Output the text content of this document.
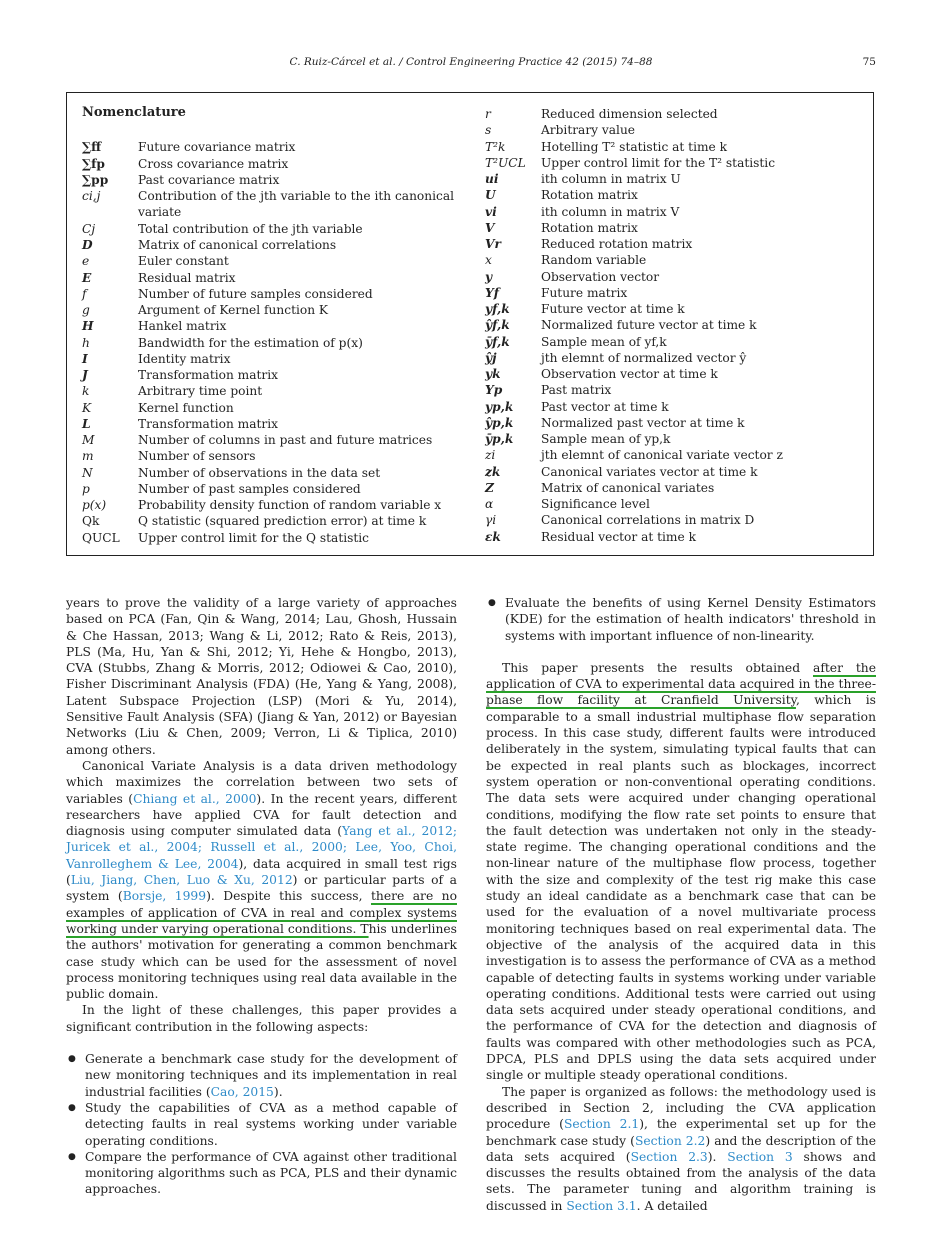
C. Ruiz-Cárcel et al. / Control Engineering Practice 42 (2015) 74–88	75
Nomenclature
∑ff	Future covariance matrix
∑fp	Cross covariance matrix
∑pp	Past covariance matrix
ci,j	Contribution of the jth variable to the ith canonical variate
Cj	Total contribution of the jth variable
D	Matrix of canonical correlations
e	Euler constant
E	Residual matrix
f	Number of future samples considered
g	Argument of Kernel function K
H	Hankel matrix
h	Bandwidth for the estimation of p(x)
I	Identity matrix
J	Transformation matrix
k	Arbitrary time point
K	Kernel function
L	Transformation matrix
M	Number of columns in past and future matrices
m	Number of sensors
N	Number of observations in the data set
p	Number of past samples considered
p(x)	Probability density function of random variable x
Qk	Q statistic (squared prediction error) at time k
QUCL	Upper control limit for the Q statistic
r	Reduced dimension selected
s	Arbitrary value
T²k	Hotelling T² statistic at time k
T²UCL	Upper control limit for the T² statistic
ui	ith column in matrix U
U	Rotation matrix
vi	ith column in matrix V
V	Rotation matrix
Vr	Reduced rotation matrix
x	Random variable
y	Observation vector
Yf	Future matrix
yf,k	Future vector at time k
ŷf,k	Normalized future vector at time k
ȳf,k	Sample mean of yf,k
ŷj	jth elemnt of normalized vector ŷ
yk	Observation vector at time k
Yp	Past matrix
yp,k	Past vector at time k
ŷp,k	Normalized past vector at time k
ȳp,k	Sample mean of yp,k
zi	jth elemnt of canonical variate vector z
zk	Canonical variates vector at time k
Z	Matrix of canonical variates
α	Significance level
γi	Canonical correlations in matrix D
εk	Residual vector at time k

years to prove the validity of a large variety of approaches based on PCA (Fan, Qin & Wang, 2014; Lau, Ghosh, Hussain & Che Hassan, 2013; Wang & Li, 2012; Rato & Reis, 2013), PLS (Ma, Hu, Yan & Shi, 2012; Yi, Hehe & Hongbo, 2013), CVA (Stubbs, Zhang & Morris, 2012; Odiowei & Cao, 2010), Fisher Discriminant Analysis (FDA) (He, Yang & Yang, 2008), Latent Subspace Projection (LSP) (Mori & Yu, 2014), Sensitive Fault Analysis (SFA) (Jiang & Yan, 2012) or Bayesian Networks (Liu & Chen, 2009; Verron, Li & Tiplica, 2010) among others.

Canonical Variate Analysis is a data driven methodology which maximizes the correlation between two sets of variables (Chiang et al., 2000). In the recent years, different researchers have applied CVA for fault detection and diagnosis using computer simulated data (Yang et al., 2012; Juricek et al., 2004; Russell et al., 2000; Lee, Yoo, Choi, Vanrolleghem & Lee, 2004), data acquired in small test rigs (Liu, Jiang, Chen, Luo & Xu, 2012) or particular parts of a system (Borsje, 1999). Despite this success, there are no examples of application of CVA in real and complex systems working under varying operational conditions. This underlines the authors' motivation for generating a common benchmark case study which can be used for the assessment of novel process monitoring techniques using real data available in the public domain.

In the light of these challenges, this paper provides a significant contribution in the following aspects:

● Generate a benchmark case study for the development of new monitoring techniques and its implementation in real industrial facilities (Cao, 2015).
● Study the capabilities of CVA as a method capable of detecting faults in real systems working under variable operating conditions.
● Compare the performance of CVA against other traditional monitoring algorithms such as PCA, PLS and their dynamic approaches.
● Evaluate the benefits of using Kernel Density Estimators (KDE) for the estimation of health indicators' threshold in systems with important influence of non-linearity.

This paper presents the results obtained after the application of CVA to experimental data acquired in the three-phase flow facility at Cranfield University, which is comparable to a small industrial multiphase flow separation process. In this case study, different faults were introduced deliberately in the system, simulating typical faults that can be expected in real plants such as blockages, incorrect system operation or non-conventional operating conditions. The data sets were acquired under changing operational conditions, modifying the flow rate set points to ensure that the fault detection was undertaken not only in the steady-state regime. The changing operational conditions and the non-linear nature of the multiphase flow process, together with the size and complexity of the test rig make this case study an ideal candidate as a benchmark case that can be used for the evaluation of a novel multivariate process monitoring techniques based on real experimental data. The objective of the analysis of the acquired data in this investigation is to assess the performance of CVA as a method capable of detecting faults in systems working under variable operating conditions. Additional tests were carried out using data sets acquired under steady operational conditions, and the performance of CVA for the detection and diagnosis of faults was compared with other methodologies such as PCA, DPCA, PLS and DPLS using the data sets acquired under single or multiple steady operational conditions.

The paper is organized as follows: the methodology used is described in Section 2, including the CVA application procedure (Section 2.1), the experimental set up for the benchmark case study (Section 2.2) and the description of the data sets acquired (Section 2.3). Section 3 shows and discusses the results obtained from the analysis of the data sets. The parameter tuning and algorithm training is discussed in Section 3.1. A detailed
